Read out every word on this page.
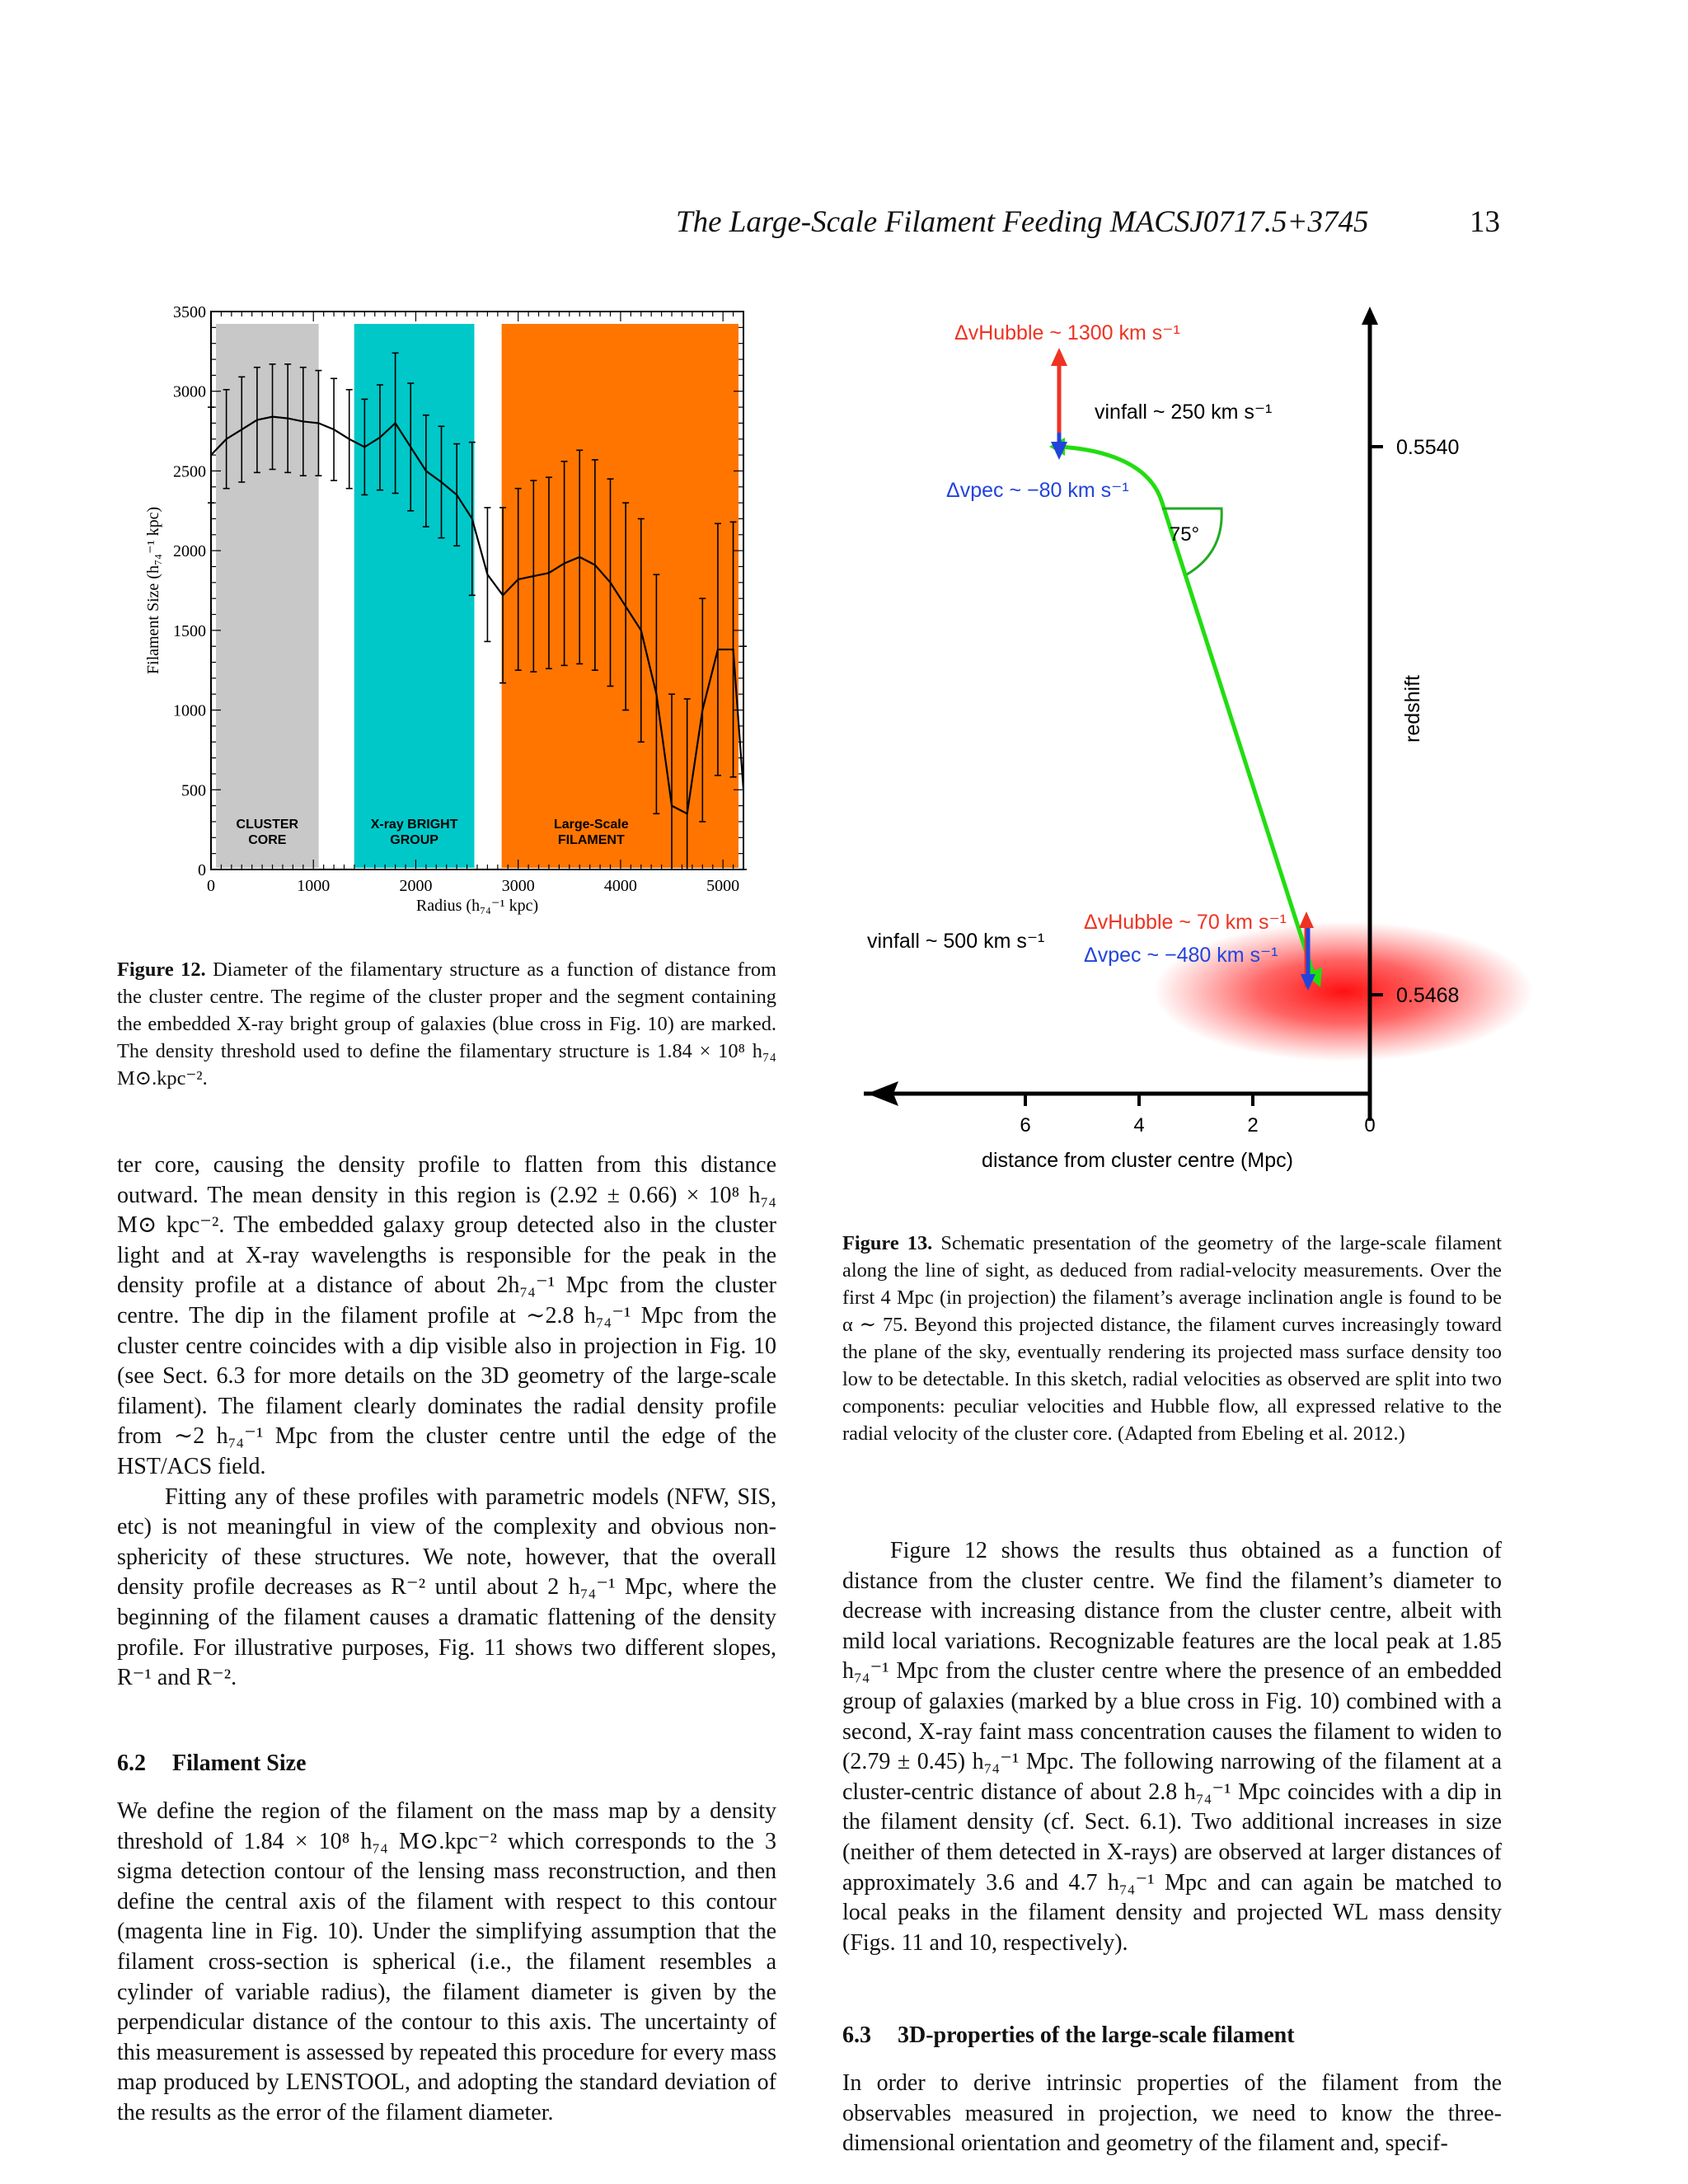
The Large-Scale Filament Feeding MACSJ0717.5+3745	13
CLUSTER
CORE
X-ray BRIGHT
GROUP
Large-Scale
FILAMENT
0	1000	2000	3000	4000	5000
0
500
1000
1500
2000
2500
3000
3500
Radius (h₇₄⁻¹ kpc)
Filament Size (h₇₄⁻¹ kpc)
Figure 12. Diameter of the filamentary structure as a function of distance from the cluster centre. The regime of the cluster proper and the segment containing the embedded X-ray bright group of galaxies (blue cross in Fig. 10) are marked. The density threshold used to define the filamentary structure is 1.84 × 10⁸ h₇₄ M⊙.kpc⁻².
6	4	2	0
distance from cluster centre (Mpc)
0.5540
0.5468
redshift
75°
ΔvHubble ~ 1300 km s⁻¹
vinfall ~ 250 km s⁻¹
Δvpec ~ −80 km s⁻¹
ΔvHubble ~ 70 km s⁻¹
Δvpec ~ −480 km s⁻¹
vinfall ~ 500 km s⁻¹
Figure 13. Schematic presentation of the geometry of the large-scale filament along the line of sight, as deduced from radial-velocity measurements. Over the first 4 Mpc (in projection) the filament’s average inclination angle is found to be α ∼ 75. Beyond this projected distance, the filament curves increasingly toward the plane of the sky, eventually rendering its projected mass surface density too low to be detectable. In this sketch, radial velocities as observed are split into two components: peculiar velocities and Hubble flow, all expressed relative to the radial velocity of the cluster core. (Adapted from Ebeling et al. 2012.)

ter core, causing the density profile to flatten from this distance outward. The mean density in this region is (2.92 ± 0.66) × 10⁸ h₇₄ M⊙ kpc⁻². The embedded galaxy group detected also in the cluster light and at X-ray wavelengths is responsible for the peak in the density profile at a distance of about 2h₇₄⁻¹ Mpc from the cluster centre. The dip in the filament profile at ∼2.8 h₇₄⁻¹ Mpc from the cluster centre coincides with a dip visible also in projection in Fig. 10 (see Sect. 6.3 for more details on the 3D geometry of the large-scale filament). The filament clearly dominates the radial density profile from ∼2 h₇₄⁻¹ Mpc from the cluster centre until the edge of the HST/ACS field.

Fitting any of these profiles with parametric models (NFW, SIS, etc) is not meaningful in view of the complexity and obvious non-sphericity of these structures. We note, however, that the overall density profile decreases as R⁻² until about 2 h₇₄⁻¹ Mpc, where the beginning of the filament causes a dramatic flattening of the density profile. For illustrative purposes, Fig. 11 shows two different slopes, R⁻¹ and R⁻².

6.2 Filament Size

We define the region of the filament on the mass map by a density threshold of 1.84 × 10⁸ h₇₄ M⊙.kpc⁻² which corresponds to the 3 sigma detection contour of the lensing mass reconstruction, and then define the central axis of the filament with respect to this contour (magenta line in Fig. 10). Under the simplifying assumption that the filament cross-section is spherical (i.e., the filament resembles a cylinder of variable radius), the filament diameter is given by the perpendicular distance of the contour to this axis. The uncertainty of this measurement is assessed by repeated this procedure for every mass map produced by LENSTOOL, and adopting the standard deviation of the results as the error of the filament diameter.

Figure 12 shows the results thus obtained as a function of distance from the cluster centre. We find the filament’s diameter to decrease with increasing distance from the cluster centre, albeit with mild local variations. Recognizable features are the local peak at 1.85 h₇₄⁻¹ Mpc from the cluster centre where the presence of an embedded group of galaxies (marked by a blue cross in Fig. 10) combined with a second, X-ray faint mass concentration causes the filament to widen to (2.79 ± 0.45) h₇₄⁻¹ Mpc. The following narrowing of the filament at a cluster-centric distance of about 2.8 h₇₄⁻¹ Mpc coincides with a dip in the filament density (cf. Sect. 6.1). Two additional increases in size (neither of them detected in X-rays) are observed at larger distances of approximately 3.6 and 4.7 h₇₄⁻¹ Mpc and can again be matched to local peaks in the filament density and projected WL mass density (Figs. 11 and 10, respectively).

6.3 3D-properties of the large-scale filament

In order to derive intrinsic properties of the filament from the observables measured in projection, we need to know the three-dimensional orientation and geometry of the filament and, specif-
